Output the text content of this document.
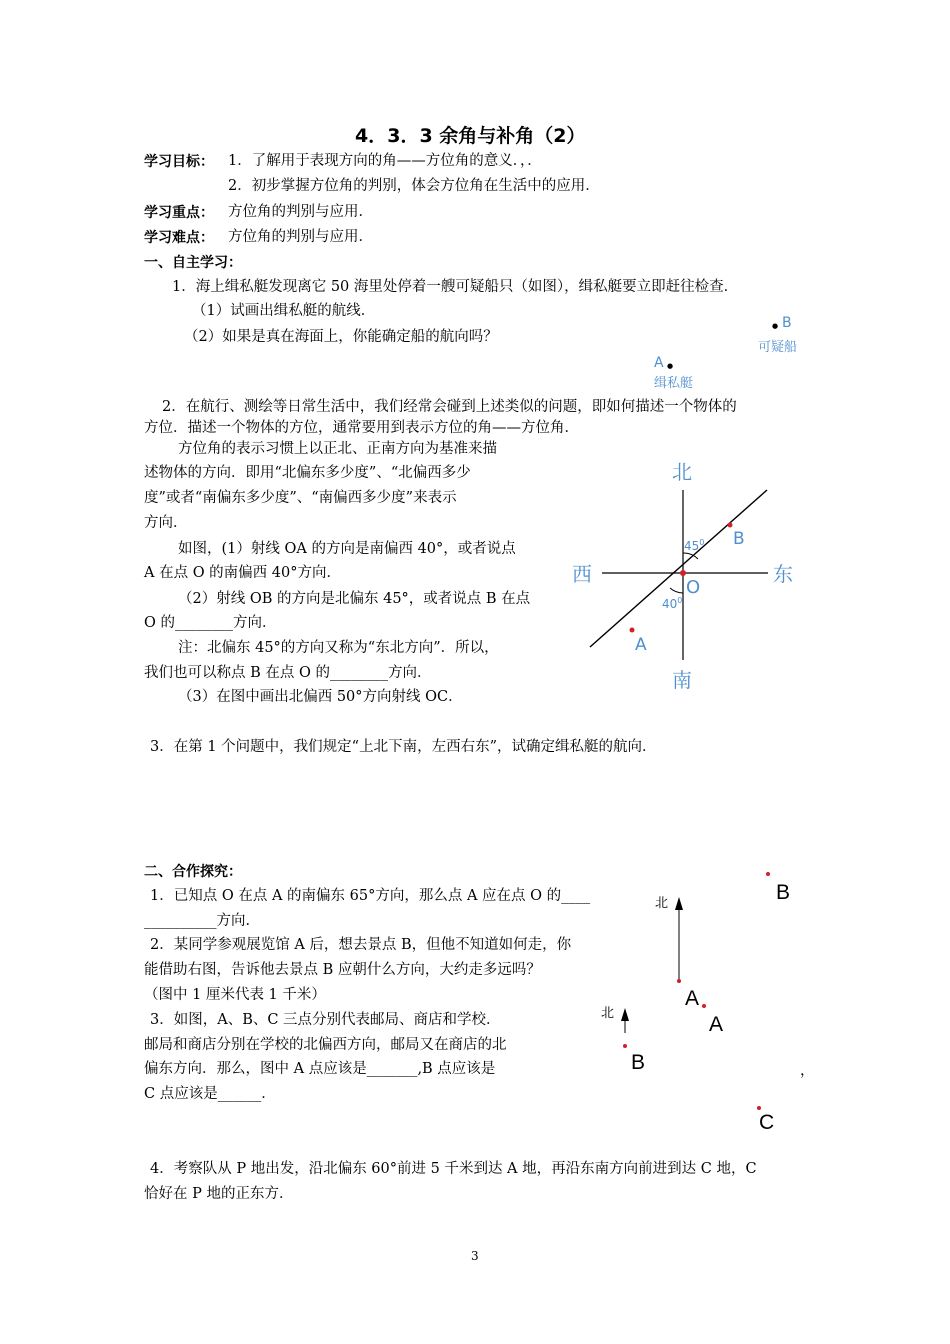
4．3．3 余角与补角（2）
学习目标： 1．了解用于表现方向的角——方位角的意义．，．
2．初步掌握方位角的判别，体会方位角在生活中的应用．
学习重点： 方位角的判别与应用．
学习难点： 方位角的判别与应用．
一、自主学习：
1．海上缉私艇发现离它 50 海里处停着一艘可疑船只（如图），缉私艇要立即赶往检查．
（1）试画出缉私艇的航线．
（2）如果是真在海面上，你能确定船的航向吗？
● B
可疑船
A ●
缉私艇
2．在航行、测绘等日常生活中，我们经常会碰到上述类似的问题，即如何描述一个物体的
方位．描述一个物体的方位，通常要用到表示方位的角——方位角．
方位角的表示习惯上以正北、正南方向为基准来描
述物体的方向．即用“北偏东多少度”、“北偏西多少
度”或者“南偏东多少度”、“南偏西多少度”来表示
方向．
如图，(1）射线 OA 的方向是南偏西 40°，或者说点
A 在点 O 的南偏西 40°方向．
（2）射线 OB 的方向是北偏东 45°，或者说点 B 在点
O 的________方向．
注：北偏东 45°的方向又称为“东北方向”．所以，
我们也可以称点 B 在点 O 的________方向．
（3）在图中画出北偏西 50°方向射线 OC．
北
南
西	东
O
B
A
$45^0$
$40^0$
3．在第 1 个问题中，我们规定“上北下南，左西右东”，试确定缉私艇的航向．
二、合作探究：
1．已知点 O 在点 A 的南偏东 65°方向，那么点 A 应在点 O 的____
__________方向．
2．某同学参观展览馆 A 后，想去景点 B，但他不知道如何走，你
能借助右图，告诉他去景点 B 应朝什么方向，大约走多远吗？
（图中 1 厘米代表 1 千米）
3．如图，A、B、C 三点分别代表邮局、商店和学校．
邮局和商店分别在学校的北偏西方向，邮局又在商店的北
偏东方向．那么，图中 A 点应该是_______,B 点应该是
C 点应该是______．
，
北	B
A
北	A
B
C
4．考察队从 P 地出发，沿北偏东 60°前进 5 千米到达 A 地，再沿东南方向前进到达 C 地，C
恰好在 P 地的正东方．
3
